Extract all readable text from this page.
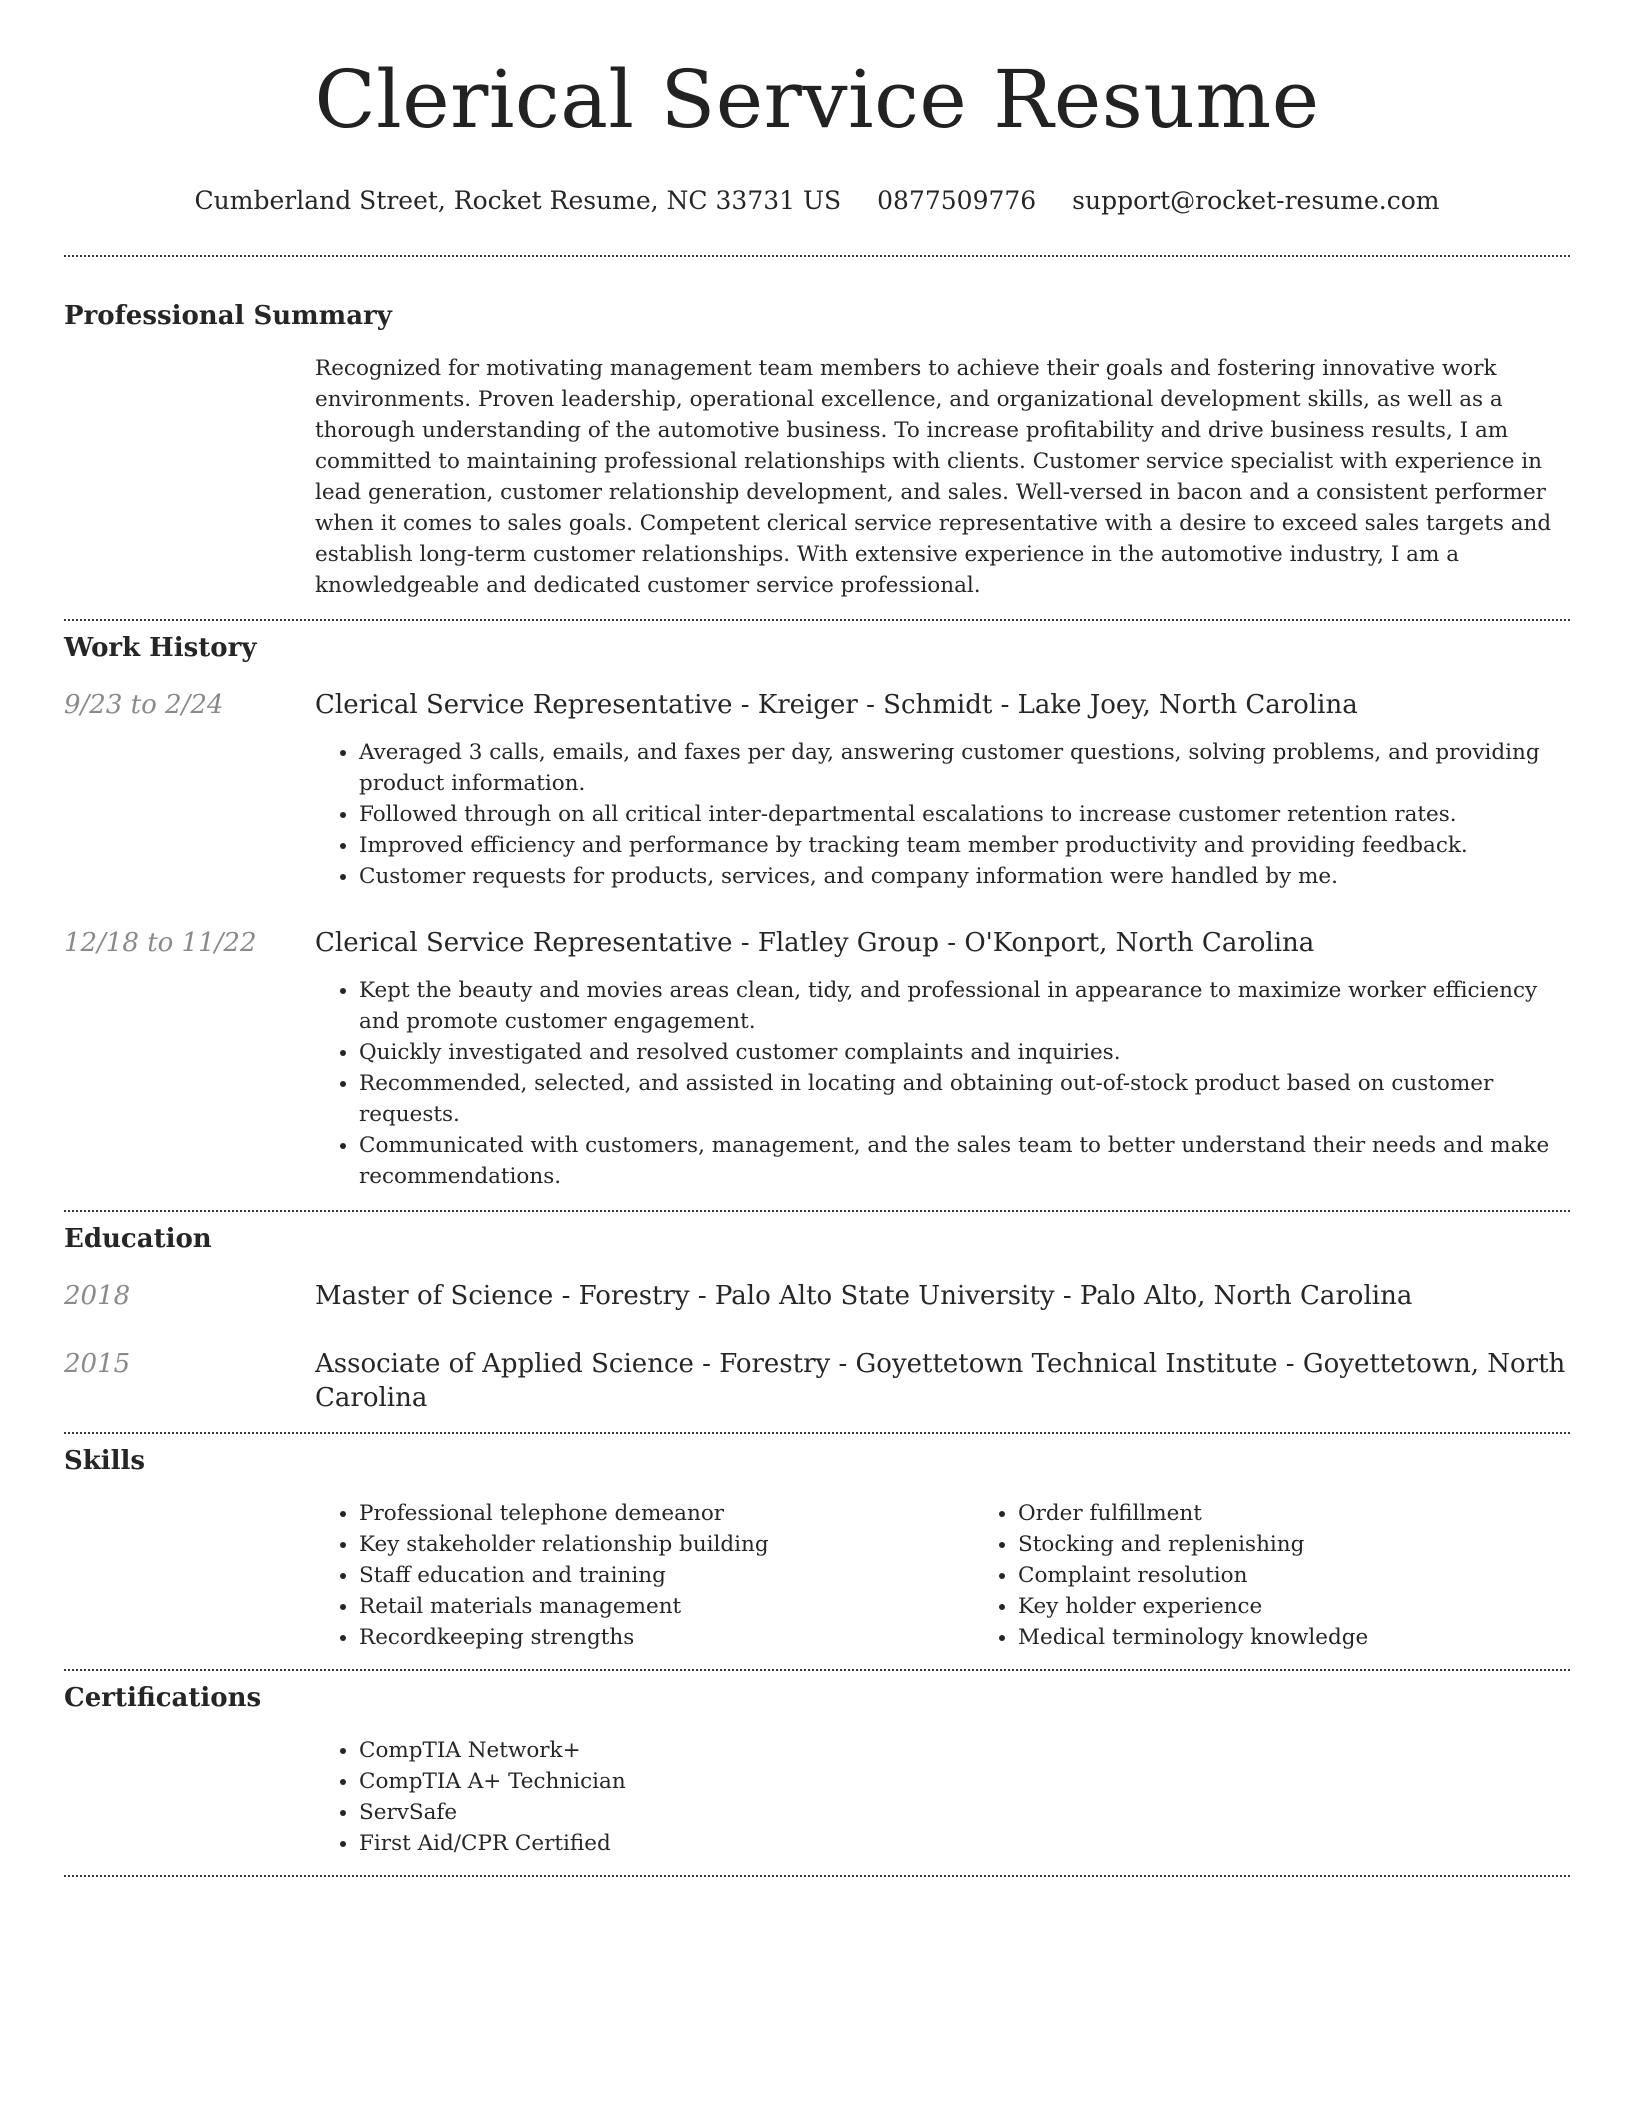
Clerical Service Resume
Cumberland Street, Rocket Resume, NC 33731 US 0877509776 support@rocket-resume.com
Professional Summary

Recognized for motivating management team members to achieve their goals and fostering innovative work environments. Proven leadership, operational excellence, and organizational development skills, as well as a thorough understanding of the automotive business. To increase profitability and drive business results, I am committed to maintaining professional relationships with clients. Customer service specialist with experience in lead generation, customer relationship development, and sales. Well-versed in bacon and a consistent performer when it comes to sales goals. Competent clerical service representative with a desire to exceed sales targets and establish long-term customer relationships. With extensive experience in the automotive industry, I am a knowledgeable and dedicated customer service professional.

Work History
9/23 to 2/24	Clerical Service Representative - Kreiger - Schmidt - Lake Joey, North Carolina
• Averaged 3 calls, emails, and faxes per day, answering customer questions, solving problems, and providing product information.
• Followed through on all critical inter-departmental escalations to increase customer retention rates.
• Improved efficiency and performance by tracking team member productivity and providing feedback.
• Customer requests for products, services, and company information were handled by me.
12/18 to 11/22	Clerical Service Representative - Flatley Group - O'Konport, North Carolina
• Kept the beauty and movies areas clean, tidy, and professional in appearance to maximize worker efficiency and promote customer engagement.
• Quickly investigated and resolved customer complaints and inquiries.
• Recommended, selected, and assisted in locating and obtaining out-of-stock product based on customer requests.
• Communicated with customers, management, and the sales team to better understand their needs and make recommendations.
Education
2018	Master of Science - Forestry - Palo Alto State University - Palo Alto, North Carolina
2015	Associate of Applied Science - Forestry - Goyettetown Technical Institute - Goyettetown, North Carolina
Skills
• Professional telephone demeanor
• Key stakeholder relationship building
• Staff education and training
• Retail materials management
• Recordkeeping strengths
• Order fulfillment
• Stocking and replenishing
• Complaint resolution
• Key holder experience
• Medical terminology knowledge
Certifications
• CompTIA Network+
• CompTIA A+ Technician
• ServSafe
• First Aid/CPR Certified
